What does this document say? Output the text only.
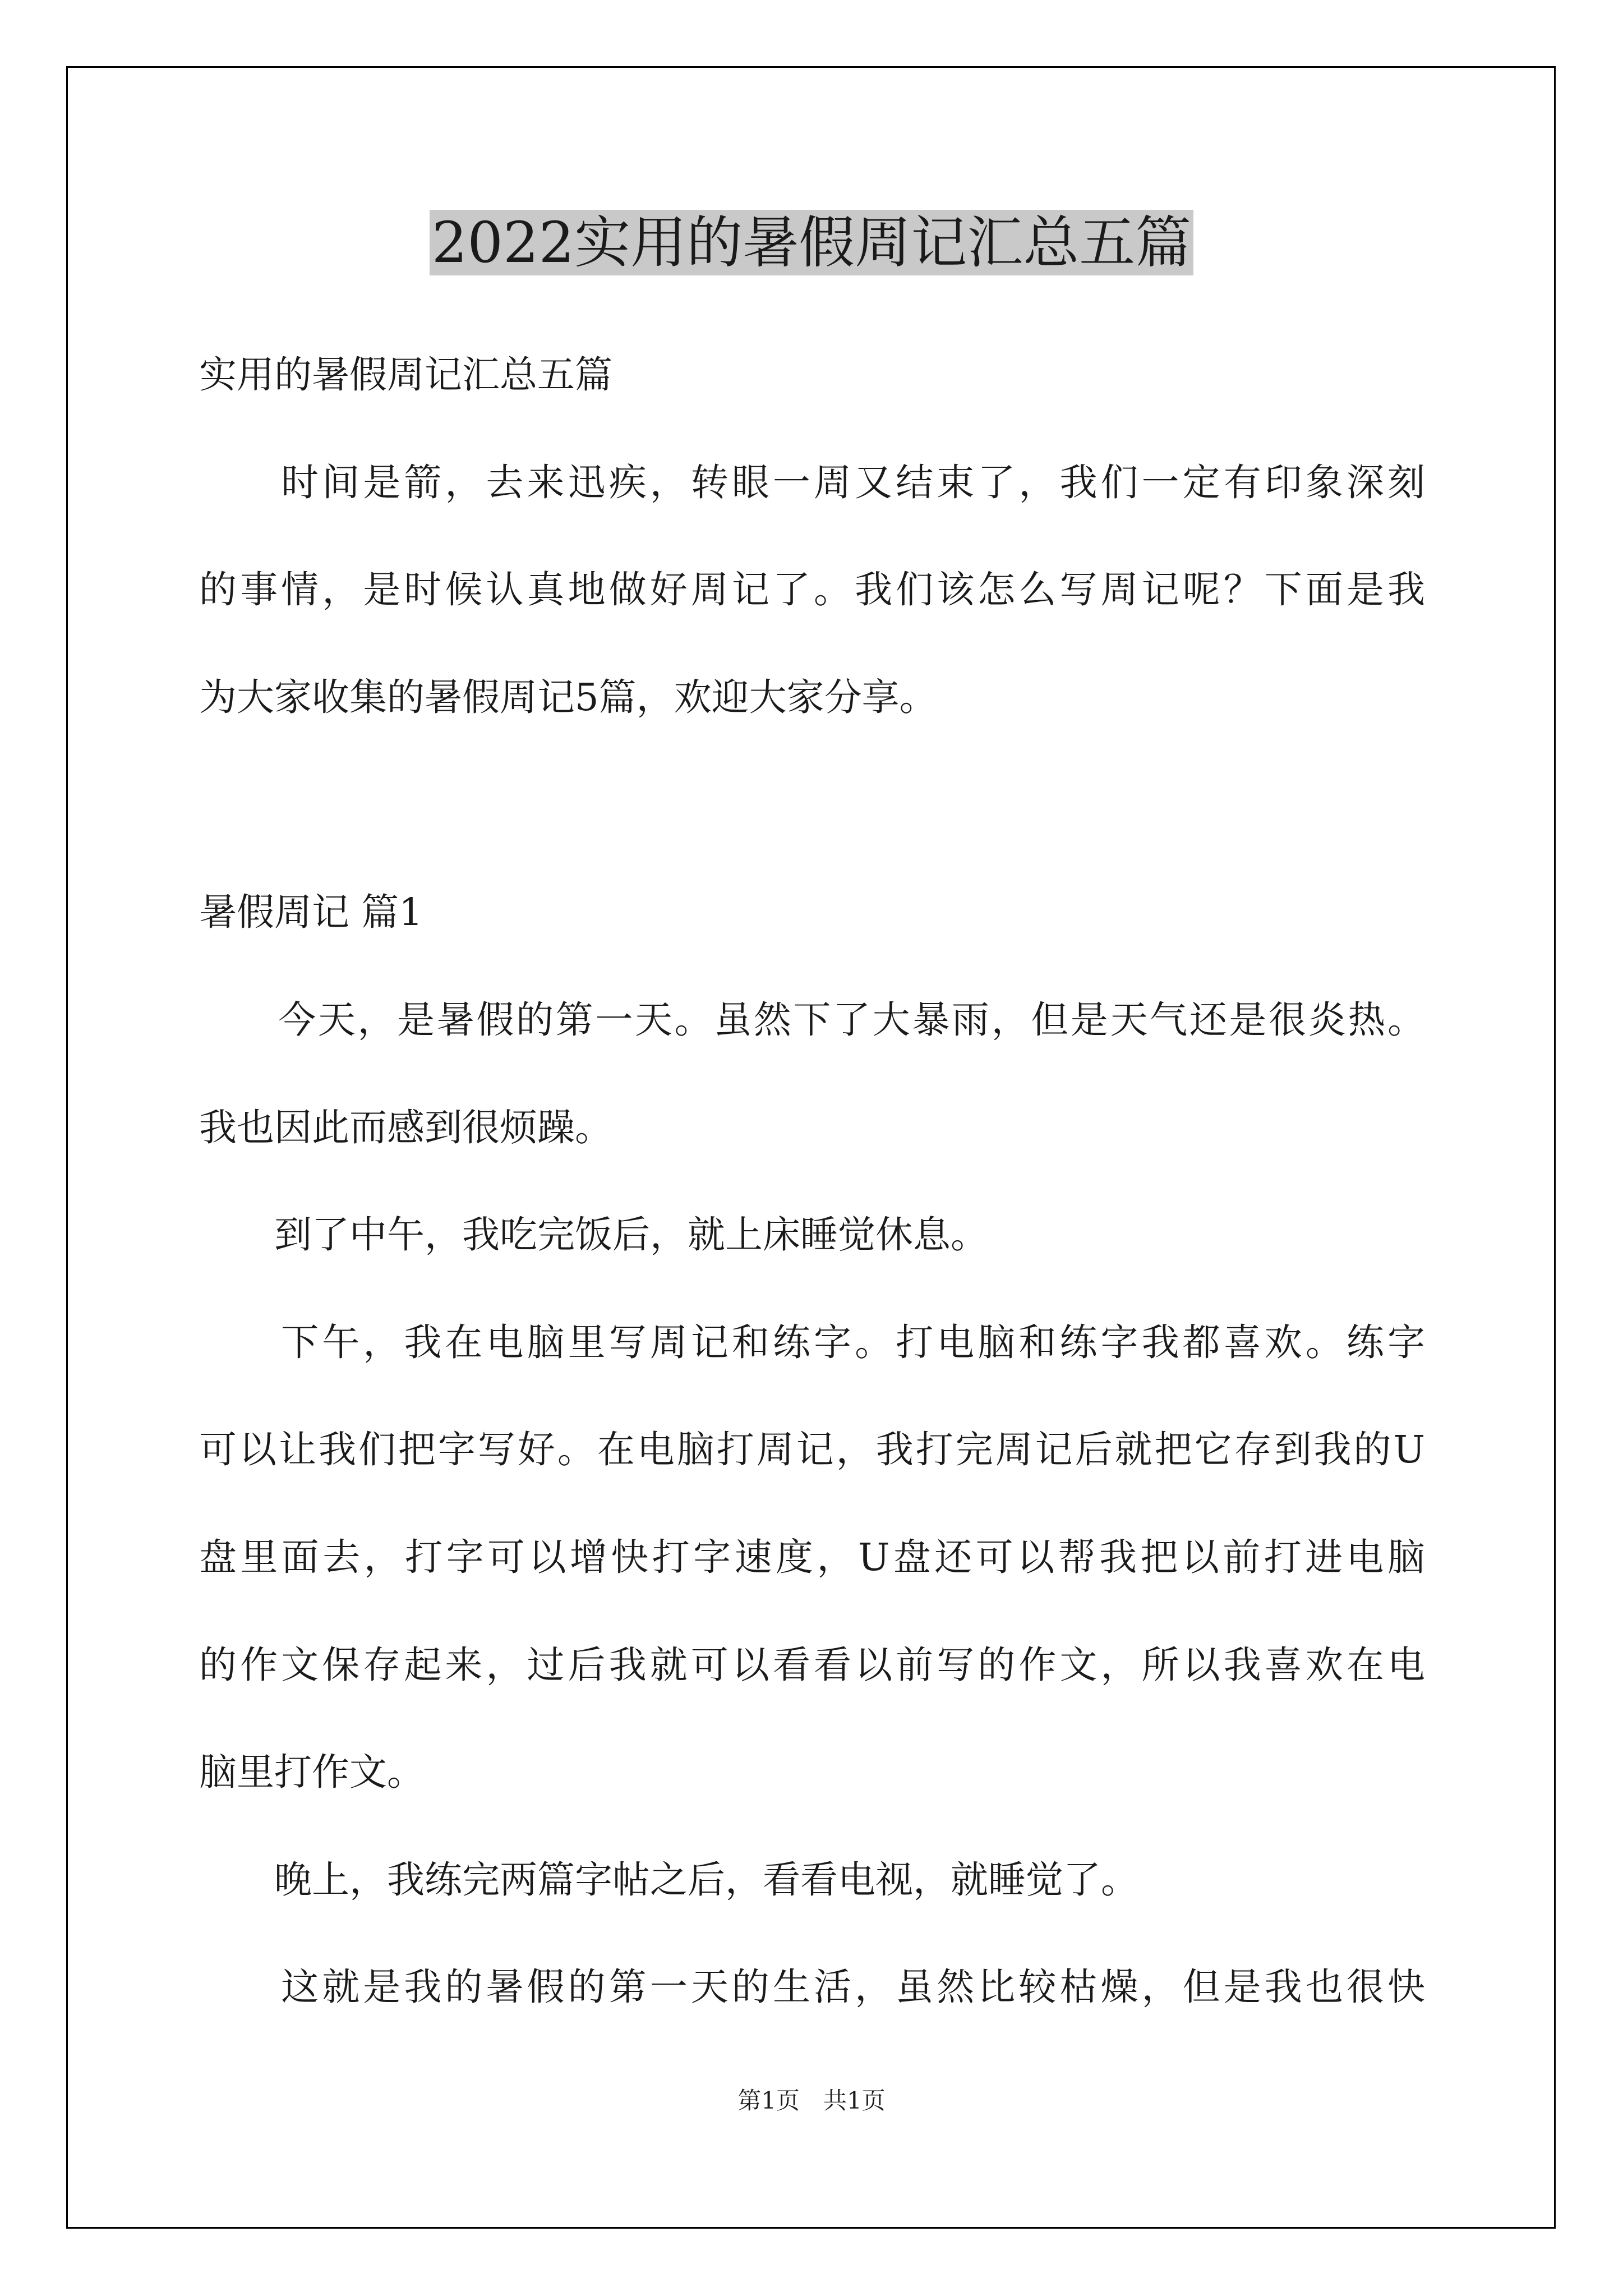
2022实用的暑假周记汇总五篇

实用的暑假周记汇总五篇

　　时间是箭，去来迅疾，转眼一周又结束了，我们一定有印象深刻

的事情，是时候认真地做好周记了。我们该怎么写周记呢？下面是我

为大家收集的暑假周记5篇，欢迎大家分享。

暑假周记 篇1

　　今天，是暑假的第一天。虽然下了大暴雨，但是天气还是很炎热。

我也因此而感到很烦躁。

　　到了中午，我吃完饭后，就上床睡觉休息。

　　下午，我在电脑里写周记和练字。打电脑和练字我都喜欢。练字

可以让我们把字写好。在电脑打周记，我打完周记后就把它存到我的U

盘里面去，打字可以增快打字速度，U盘还可以帮我把以前打进电脑

的作文保存起来，过后我就可以看看以前写的作文，所以我喜欢在电

脑里打作文。

　　晚上，我练完两篇字帖之后，看看电视，就睡觉了。

　　这就是我的暑假的第一天的生活，虽然比较枯燥，但是我也很快

第1页　共1页
